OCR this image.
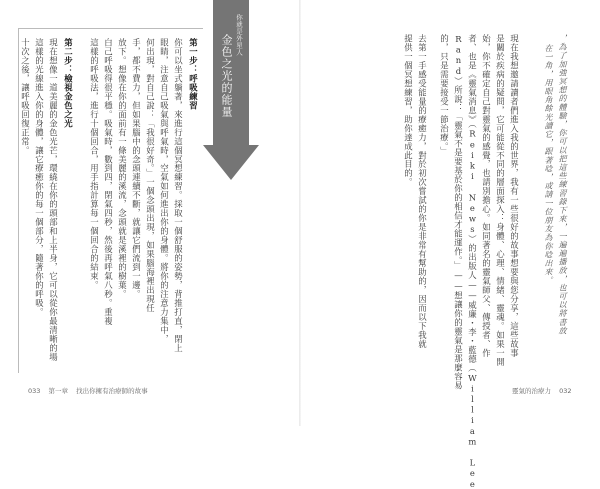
第一步：呼吸練習
你可以坐式躺著，來進行這個冥想練習。採取一個舒服的姿勢，背推打直，閉上
眼睛，注意自己吸氣與呼氣時，空氣如何進出你的身體。將你的注意力集中，
何出現，對自己說：「我很好奇。」一個念頭出現，如果腦海裡出現任
手，都不費力，但如果腦中的念頭連續不斷，就讓它們流到一邊。
放下。想像在你的面前有一條美麗的溪流，念頭就是溪裡的樹葉。
白己呼吸得很平穩。吸氣時，數到四，閉氣四秒，然後再呼氣八秒。重複
這樣的呼吸法，進行十個回合，用手指計算每一個回合的結束。
第二步：檢視金色之光
現在想像一道美麗的金色光芒，環繞在你的頭部和上半身，它可以從你最清晰的場
這樣的光線進入你的身體，讓它療癒你的每一個部分，隨著你的呼吸。
十次之後，讓呼吸回復正常。
033 第一章 找出你擁有治療師的故事
你就是外星人
金色之光的能量	，為了加強冥想的體驗，你可以把這些練習錄下來，一遍遍播放，也可以將書放
在一角，用眼角餘光讀它，跟著唸，或請一位朋友為你唸出來。
現在我想邀請讀者們進入我的世界，我有一些很好的故事想要與您分享，這些故事
是關於疾病的疑問，它可能從不同的層面探入：身體、心理、情緒、靈魂。如果一開
始，你不確定自己對靈氣的感覺，也請別擔心。如同著名的靈氣師父、傳授者、作
者、也是《靈氣消息》（Reiki News）的出版人——威廉・李・藍德（William Lee
Rand）所說：「靈氣不是要基於你的相信才能運作。」——想讓你的靈氣是那麼容易
的，只是需要接受一節治療。」
去第一手感受能量的療癒力，對於初次嘗試的你是非常有幫助的，因而以下我就
提供一個冥想練習，助你達成此目的。
靈氣的治療力 032
